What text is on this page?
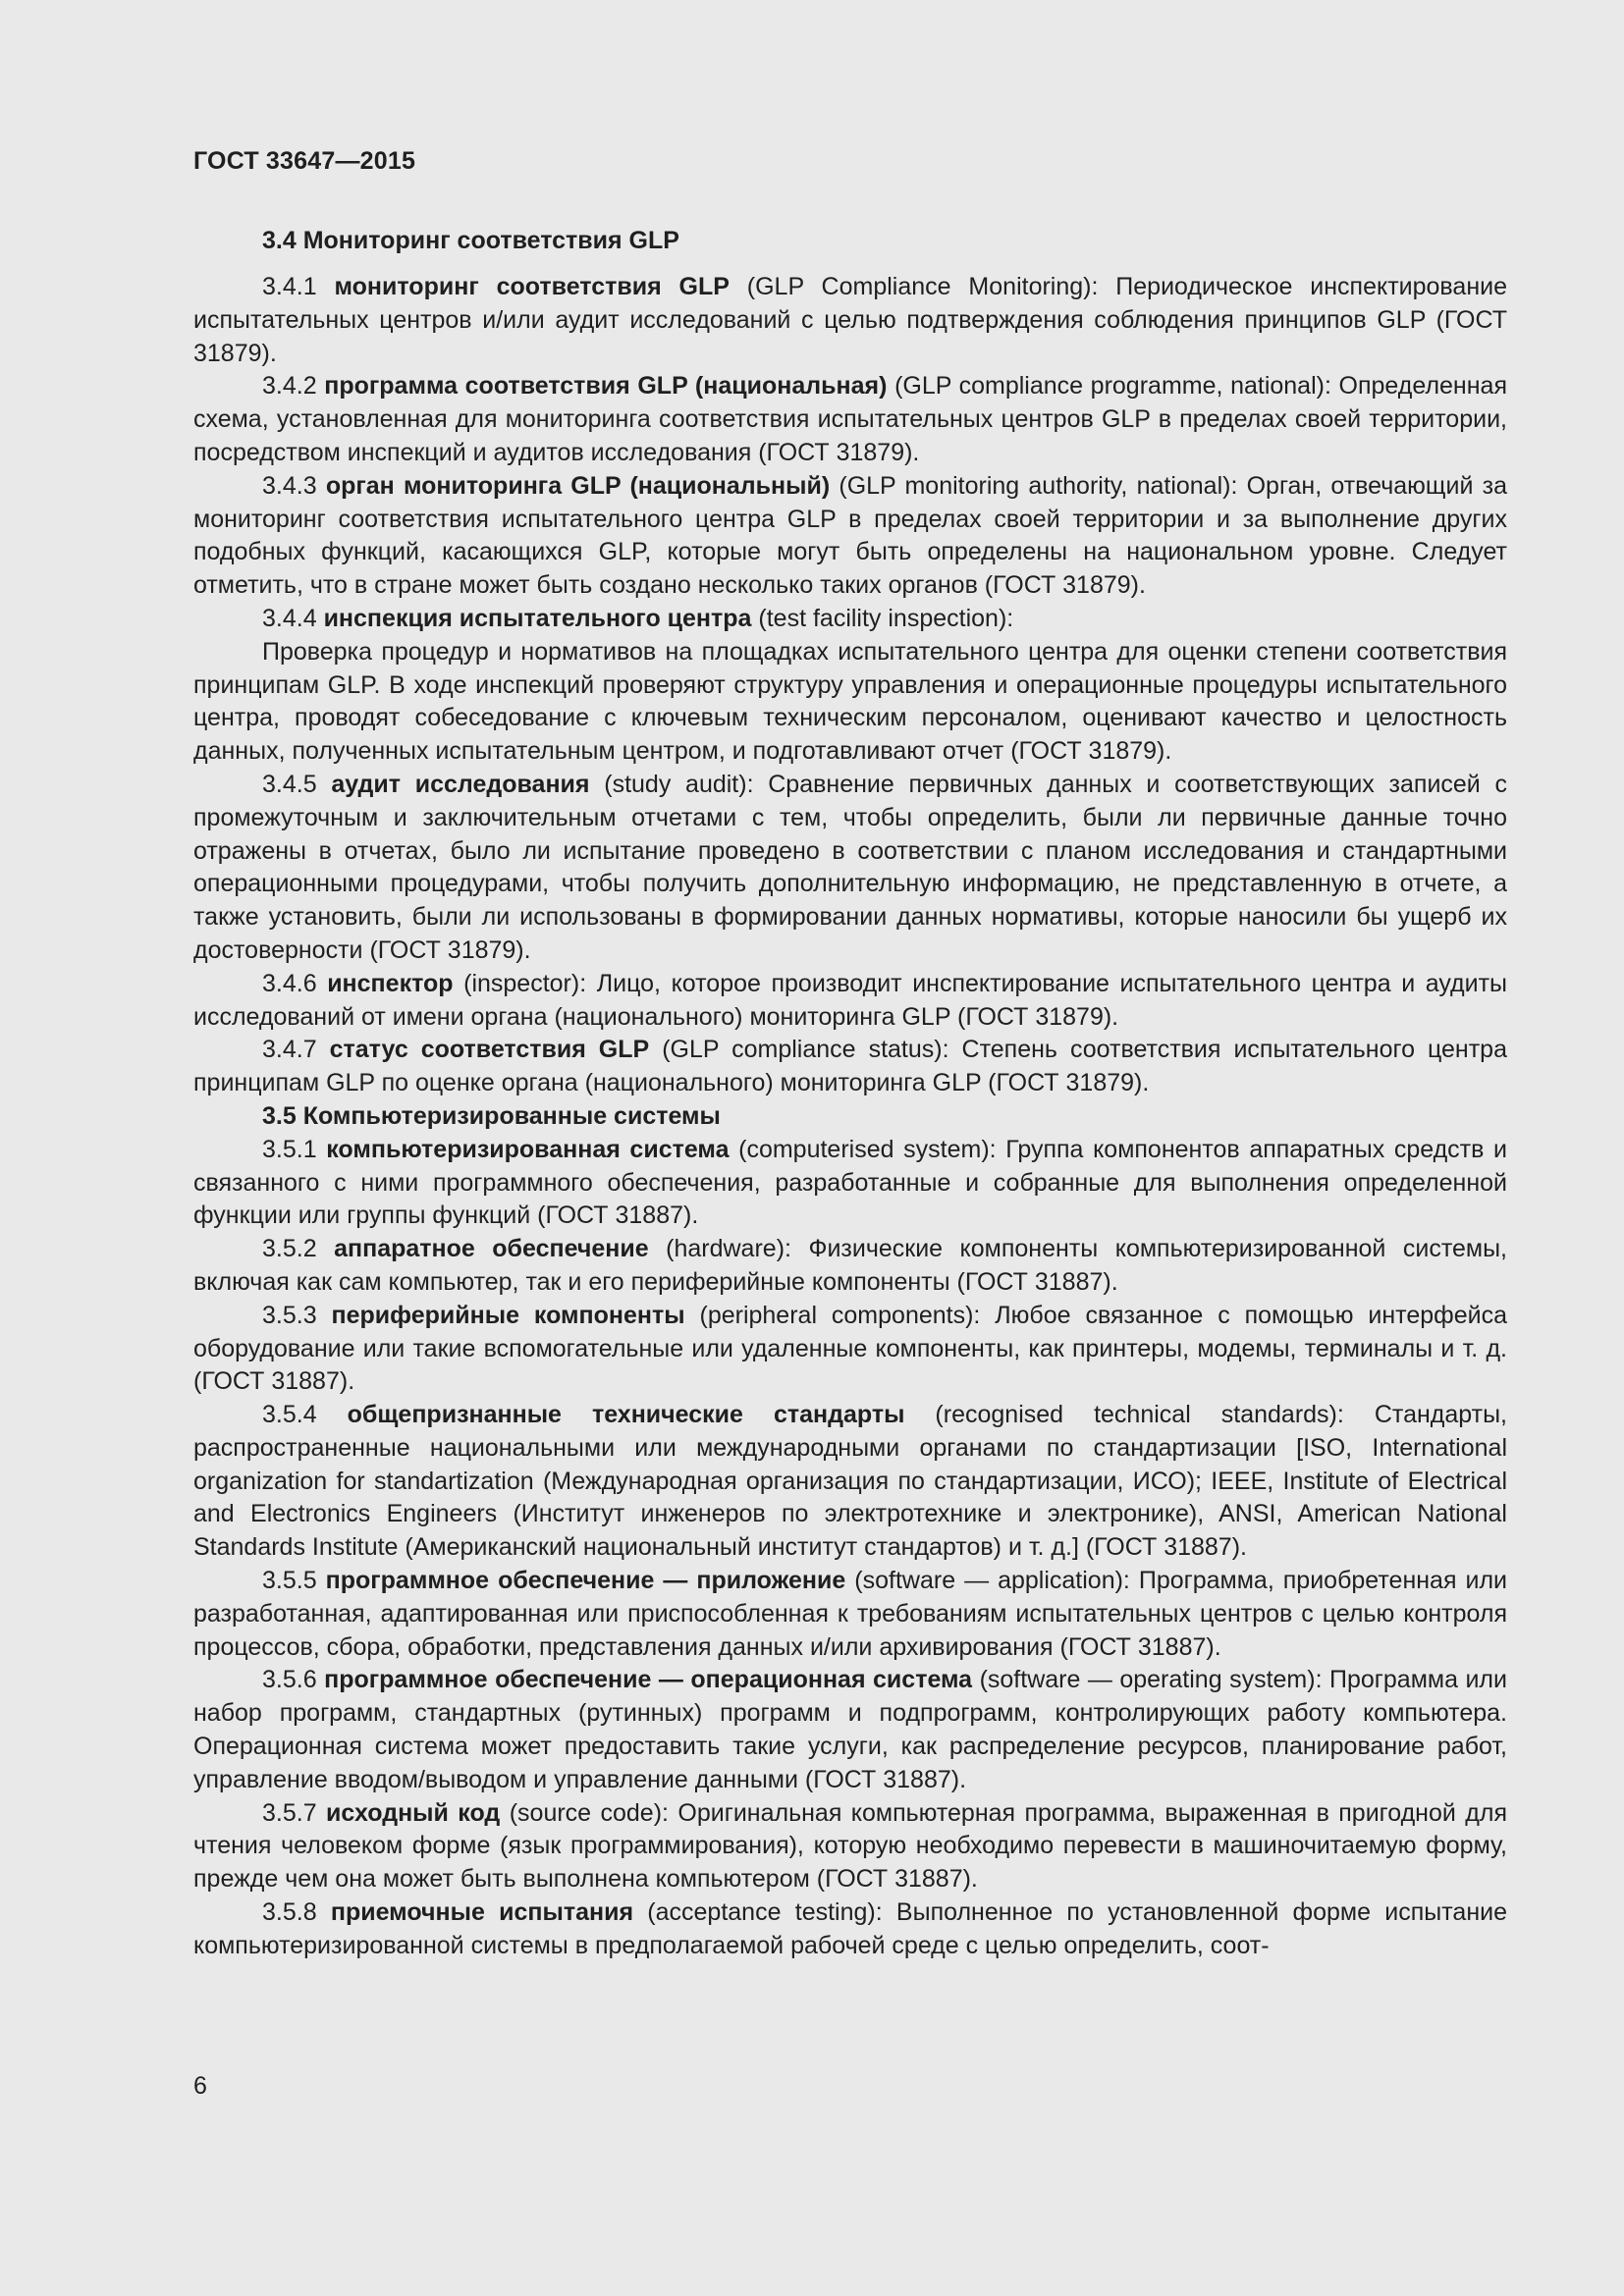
ГОСТ 33647—2015
3.4 Мониторинг соответствия GLP

3.4.1 мониторинг соответствия GLP (GLP Compliance Monitoring): Периодическое инспектирование испытательных центров и/или аудит исследований с целью подтверждения соблюдения принципов GLP (ГОСТ 31879).

3.4.2 программа соответствия GLP (национальная) (GLP compliance programme, national): Определенная схема, установленная для мониторинга соответствия испытательных центров GLP в пределах своей территории, посредством инспекций и аудитов исследования (ГОСТ 31879).

3.4.3 орган мониторинга GLP (национальный) (GLP monitoring authority, national): Орган, отвечающий за мониторинг соответствия испытательного центра GLP в пределах своей территории и за выполнение других подобных функций, касающихся GLP, которые могут быть определены на национальном уровне. Следует отметить, что в стране может быть создано несколько таких органов (ГОСТ 31879).

3.4.4 инспекция испытательного центра (test facility inspection):

Проверка процедур и нормативов на площадках испытательного центра для оценки степени соответствия принципам GLP. В ходе инспекций проверяют структуру управления и операционные процедуры испытательного центра, проводят собеседование с ключевым техническим персоналом, оценивают качество и целостность данных, полученных испытательным центром, и подготавливают отчет (ГОСТ 31879).

3.4.5 аудит исследования (study audit): Сравнение первичных данных и соответствующих записей с промежуточным и заключительным отчетами с тем, чтобы определить, были ли первичные данные точно отражены в отчетах, было ли испытание проведено в соответствии с планом исследования и стандартными операционными процедурами, чтобы получить дополнительную информацию, не представленную в отчете, а также установить, были ли использованы в формировании данных нормативы, которые наносили бы ущерб их достоверности (ГОСТ 31879).

3.4.6 инспектор (inspector): Лицо, которое производит инспектирование испытательного центра и аудиты исследований от имени органа (национального) мониторинга GLP (ГОСТ 31879).

3.4.7 статус соответствия GLP (GLP compliance status): Степень соответствия испытательного центра принципам GLP по оценке органа (национального) мониторинга GLP (ГОСТ 31879).

3.5 Компьютеризированные системы

3.5.1 компьютеризированная система (computerised system): Группа компонентов аппаратных средств и связанного с ними программного обеспечения, разработанные и собранные для выполнения определенной функции или группы функций (ГОСТ 31887).

3.5.2 аппаратное обеспечение (hardware): Физические компоненты компьютеризированной системы, включая как сам компьютер, так и его периферийные компоненты (ГОСТ 31887).

3.5.3 периферийные компоненты (peripheral components): Любое связанное с помощью интерфейса оборудование или такие вспомогательные или удаленные компоненты, как принтеры, модемы, терминалы и т. д. (ГОСТ 31887).

3.5.4 общепризнанные технические стандарты (recognised technical standards): Стандарты, распространенные национальными или международными органами по стандартизации [ISO, International organization for standartization (Международная организация по стандартизации, ИСО); IEEE, Institute of Electrical and Electronics Engineers (Институт инженеров по электротехнике и электронике), ANSI, American National Standards Institute (Американский национальный институт стандартов) и т. д.] (ГОСТ 31887).

3.5.5 программное обеспечение — приложение (software — application): Программа, приобретенная или разработанная, адаптированная или приспособленная к требованиям испытательных центров с целью контроля процессов, сбора, обработки, представления данных и/или архивирования (ГОСТ 31887).

3.5.6 программное обеспечение — операционная система (software — operating system): Программа или набор программ, стандартных (рутинных) программ и подпрограмм, контролирующих работу компьютера. Операционная система может предоставить такие услуги, как распределение ресурсов, планирование работ, управление вводом/выводом и управление данными (ГОСТ 31887).

3.5.7 исходный код (source code): Оригинальная компьютерная программа, выраженная в пригодной для чтения человеком форме (язык программирования), которую необходимо перевести в машиночитаемую форму, прежде чем она может быть выполнена компьютером (ГОСТ 31887).

3.5.8 приемочные испытания (acceptance testing): Выполненное по установленной форме испытание компьютеризированной системы в предполагаемой рабочей среде с целью определить, соот-

6
